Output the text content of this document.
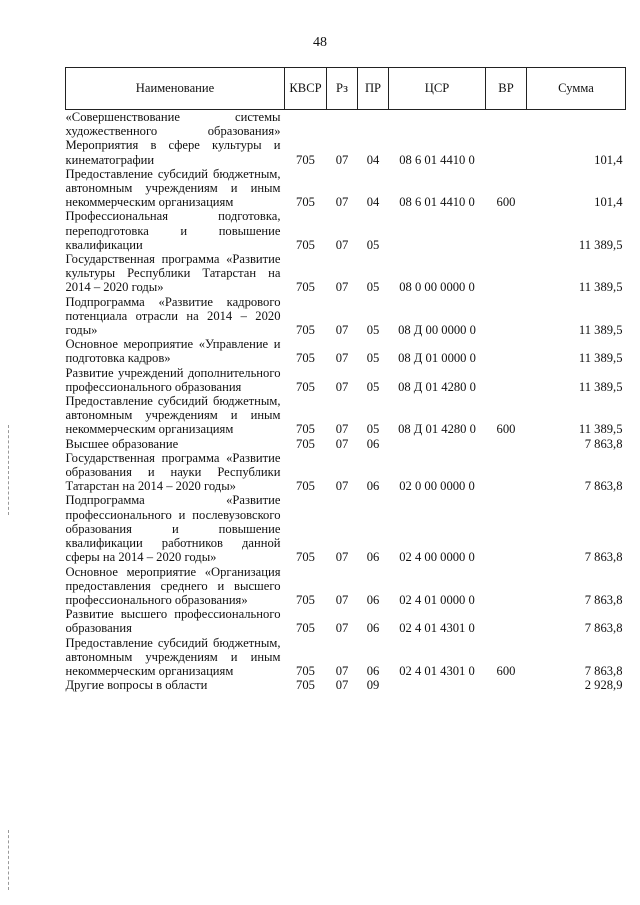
48
Наименование	КВСР	Рз	ПР	ЦСР	ВР	Сумма
«Совершенствование системы художественного образования»						
Мероприятия в сфере культуры и кинематографии	705	07	04	08 6 01 4410 0		101,4
Предоставление субсидий бюджетным, автономным учреждениям и иным некоммерческим организациям	705	07	04	08 6 01 4410 0	600	101,4
Профессиональная подготовка, переподготовка и повышение квалификации	705	07	05			11 389,5
Государственная программа «Развитие культуры Республики Татарстан на 2014 – 2020 годы»	705	07	05	08 0 00 0000 0		11 389,5
Подпрограмма «Развитие кадрового потенциала отрасли на 2014 – 2020 годы»	705	07	05	08 Д 00 0000 0		11 389,5
Основное мероприятие «Управление и подготовка кадров»	705	07	05	08 Д 01 0000 0		11 389,5
Развитие учреждений дополнительного профессионального образования	705	07	05	08 Д 01 4280 0		11 389,5
Предоставление субсидий бюджетным, автономным учреждениям и иным некоммерческим организациям	705	07	05	08 Д 01 4280 0	600	11 389,5
Высшее образование	705	07	06			7 863,8
Государственная программа «Развитие образования и науки Республики Татарстан на 2014 – 2020 годы»	705	07	06	02 0 00 0000 0		7 863,8
Подпрограмма «Развитие профессионального и послевузовского образования и повышение квалификации работников данной сферы на 2014 – 2020 годы»	705	07	06	02 4 00 0000 0		7 863,8
Основное мероприятие «Организация предоставления среднего и высшего профессионального образования»	705	07	06	02 4 01 0000 0		7 863,8
Развитие высшего профессионального образования	705	07	06	02 4 01 4301 0		7 863,8
Предоставление субсидий бюджетным, автономным учреждениям и иным некоммерческим организациям	705	07	06	02 4 01 4301 0	600	7 863,8
Другие вопросы в области	705	07	09			2 928,9
